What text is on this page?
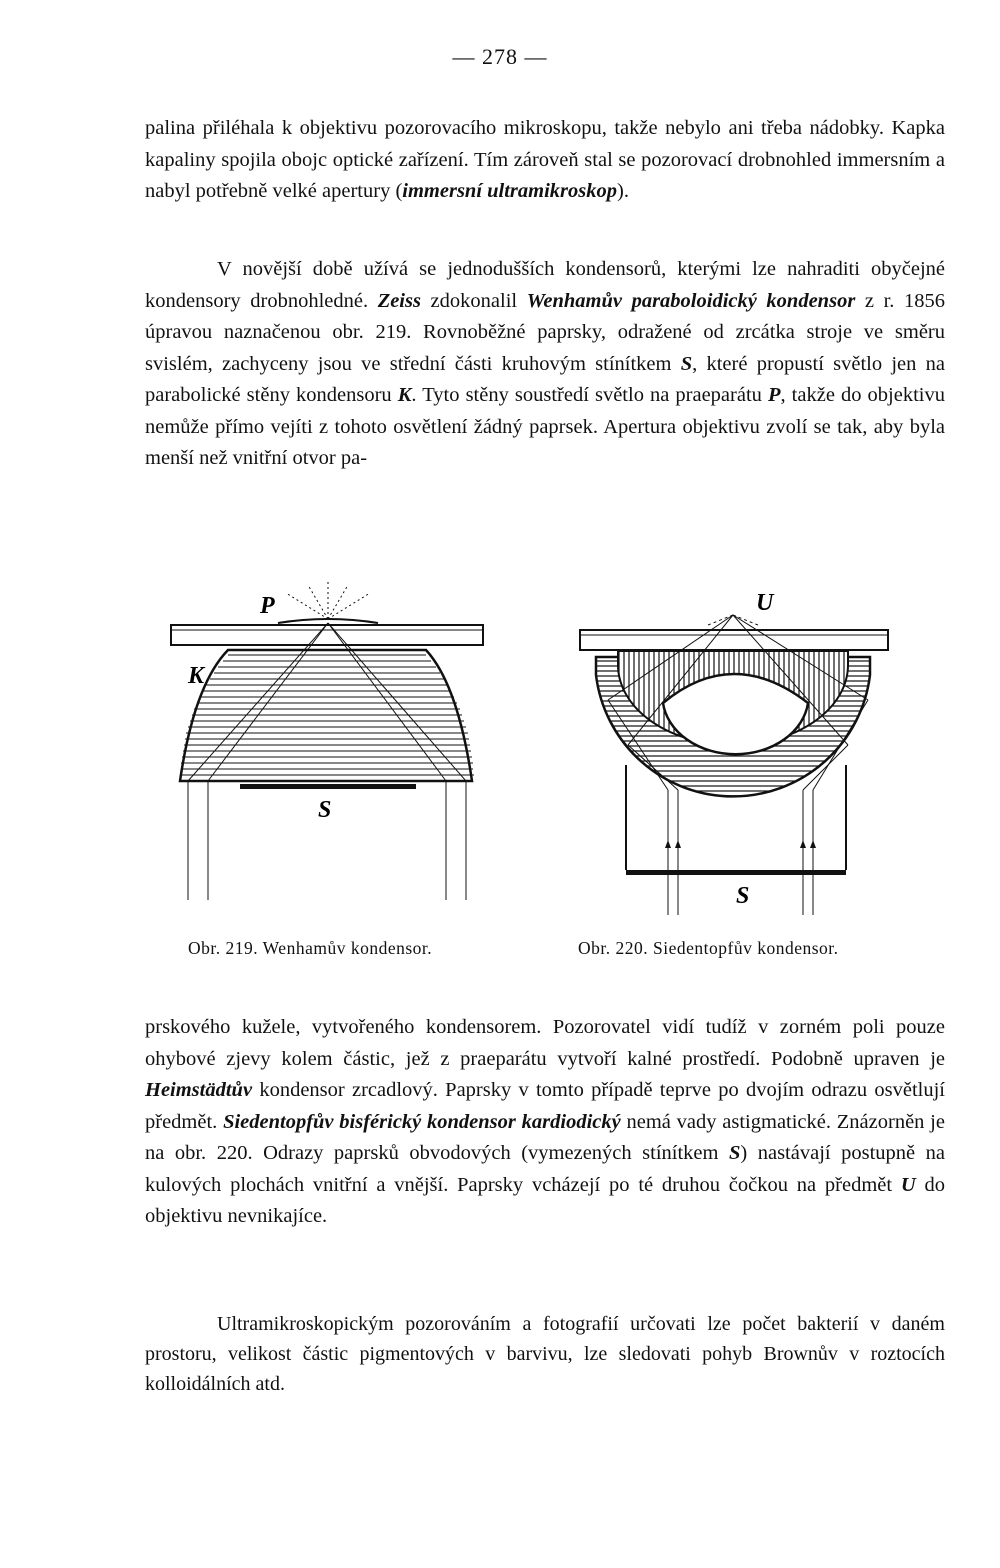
— 278 —

palina přiléhala k objektivu pozorovacího mikroskopu, takže nebylo ani třeba nádobky. Kapka kapaliny spojila obojc optické zařízení. Tím zároveň stal se pozorovací drobnohled immersním a nabyl potřebně velké apertury (immersní ultramikroskop).

V novější době užívá se jednodušších kondensorů, kterými lze nahraditi obyčejné kondensory drobnohledné. Zeiss zdokonalil Wenhamův paraboloidický kondensor z r. 1856 úpravou naznačenou obr. 219. Rovnoběžné paprsky, odražené od zrcátka stroje ve směru svislém, zachyceny jsou ve střední části kruhovým stínítkem S, které propustí světlo jen na parabolické stěny kondensoru K. Tyto stěny soustředí světlo na praeparátu P, takže do objektivu nemůže přímo vejíti z tohoto osvětlení žádný paprsek. Apertura objektivu zvolí se tak, aby byla menší než vnitřní otvor pa-

P
K
S
U
S
Obr. 219. Wenhamův kondensor.	Obr. 220. Siedentopfův kondensor.

prskového kužele, vytvořeného kondensorem. Pozorovatel vidí tudíž v zorném poli pouze ohybové zjevy kolem částic, jež z praeparátu vytvoří kalné prostředí. Podobně upraven je Heimstädtův kondensor zrcadlový. Paprsky v tomto případě teprve po dvojím odrazu osvětlují předmět. Siedentopfův bisférický kondensor kardiodický nemá vady astigmatické. Znázorněn je na obr. 220. Odrazy paprsků obvodových (vymezených stínítkem S) nastávají postupně na kulových plochách vnitřní a vnější. Paprsky vcházejí po té druhou čočkou na předmět U do objektivu nevnikajíce.

Ultramikroskopickým pozorováním a fotografií určovati lze počet bakterií v daném prostoru, velikost částic pigmentových v barvivu, lze sledovati pohyb Brownův v roztocích kolloidálních atd.
